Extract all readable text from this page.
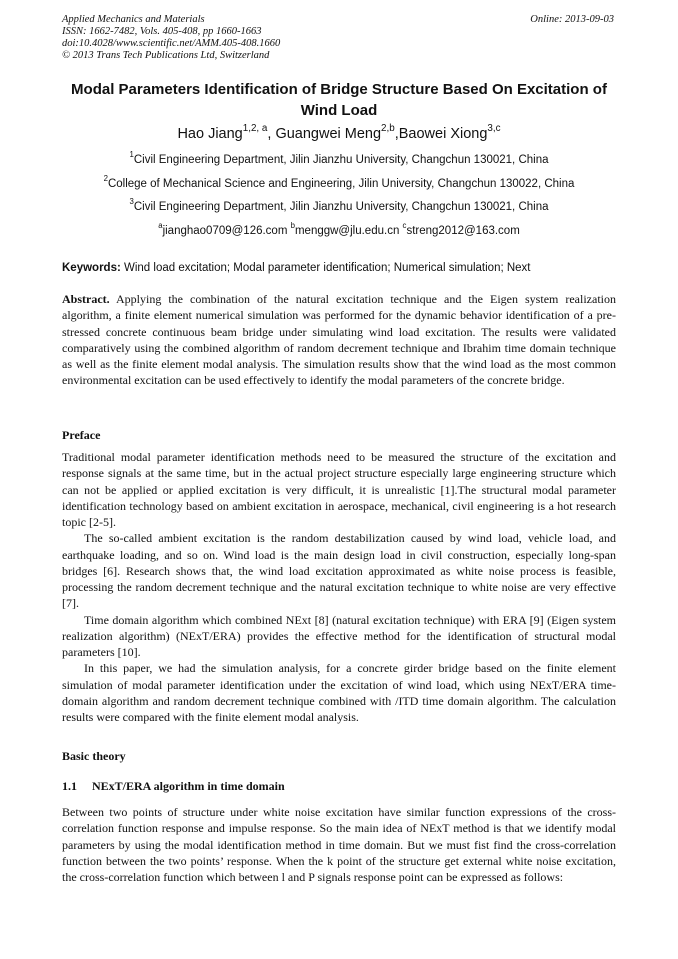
Applied Mechanics and Materials
ISSN: 1662-7482, Vols. 405-408, pp 1660-1663
doi:10.4028/www.scientific.net/AMM.405-408.1660
© 2013 Trans Tech Publications Ltd, Switzerland
Online: 2013-09-03
Modal Parameters Identification of Bridge Structure Based On Excitation of Wind Load
Hao Jiang$^{1,2, a}$, Guangwei Meng$^{2,b}$,Baowei Xiong$^{3,c}$
$^1$Civil Engineering Department, Jilin Jianzhu University, Changchun 130021, China
$^2$College of Mechanical Science and Engineering, Jilin University, Changchun 130022, China
$^3$Civil Engineering Department, Jilin Jianzhu University, Changchun 130021, China
$^a$jianghao0709@126.com $^b$menggw@jlu.edu.cn $^c$streng2012@163.com
Keywords: Wind load excitation; Modal parameter identification; Numerical simulation; Next

Abstract. Applying the combination of the natural excitation technique and the Eigen system realization algorithm, a finite element numerical simulation was performed for the dynamic behavior identification of a pre-stressed concrete continuous beam bridge under simulating wind load excitation. The results were validated comparatively using the combined algorithm of random decrement technique and Ibrahim time domain technique as well as the finite element modal analysis. The simulation results show that the wind load as the most common environmental excitation can be used effectively to identify the modal parameters of the concrete bridge.

Preface

Traditional modal parameter identification methods need to be measured the structure of the excitation and response signals at the same time, but in the actual project structure especially large engineering structure which can not be applied or applied excitation is very difficult, it is unrealistic [1].The structural modal parameter identification technology based on ambient excitation in aerospace, mechanical, civil engineering is a hot research topic [2-5].

The so-called ambient excitation is the random destabilization caused by wind load, vehicle load, and earthquake loading, and so on. Wind load is the main design load in civil construction, especially long-span bridges [6]. Research shows that, the wind load excitation approximated as white noise process is feasible, processing the random decrement technique and the natural excitation technique to white noise are very effective [7].

Time domain algorithm which combined NExt [8] (natural excitation technique) with ERA [9] (Eigen system realization algorithm) (NExT/ERA) provides the effective method for the identification of structural modal parameters [10].

In this paper, we had the simulation analysis, for a concrete girder bridge based on the finite element simulation of modal parameter identification under the excitation of wind load, which using NExT/ERA time-domain algorithm and random decrement technique combined with /ITD time domain algorithm. The calculation results were compared with the finite element modal analysis.

Basic theory
1.1 NExT/ERA algorithm in time domain

Between two points of structure under white noise excitation have similar function expressions of the cross-correlation function response and impulse response. So the main idea of NExT method is that we identify modal parameters by using the modal identification method in time domain. But we must fist find the cross-correlation function between the two points’ response. When the k point of the structure get external white noise excitation, the cross-correlation function which between l and P signals response point can be expressed as follows:
